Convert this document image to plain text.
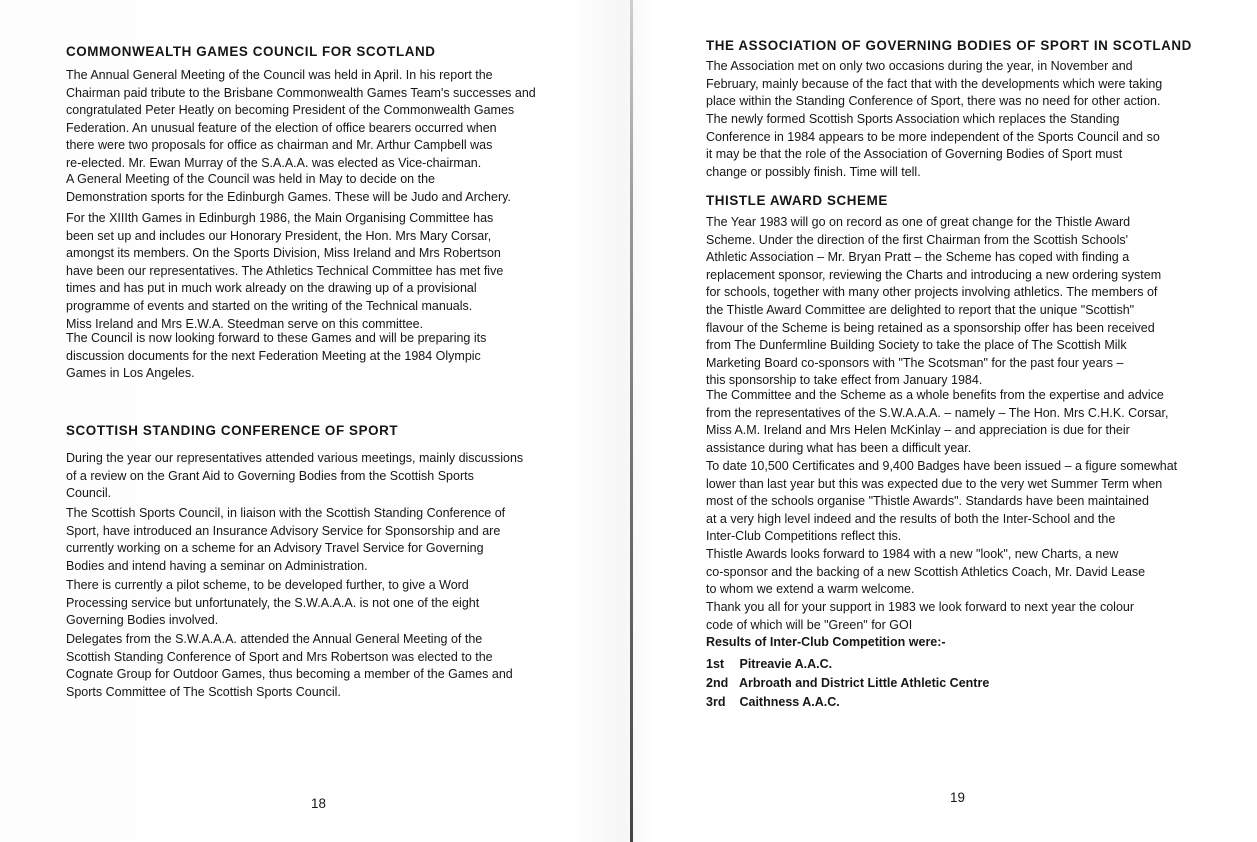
COMMONWEALTH GAMES COUNCIL FOR SCOTLAND

The Annual General Meeting of the Council was held in April. In his report the
Chairman paid tribute to the Brisbane Commonwealth Games Team's successes and
congratulated Peter Heatly on becoming President of the Commonwealth Games
Federation. An unusual feature of the election of office bearers occurred when
there were two proposals for office as chairman and Mr. Arthur Campbell was
re-elected. Mr. Ewan Murray of the S.A.A.A. was elected as Vice-chairman.

A General Meeting of the Council was held in May to decide on the
Demonstration sports for the Edinburgh Games. These will be Judo and Archery.

For the XIIIth Games in Edinburgh 1986, the Main Organising Committee has
been set up and includes our Honorary President, the Hon. Mrs Mary Corsar,
amongst its members. On the Sports Division, Miss Ireland and Mrs Robertson
have been our representatives. The Athletics Technical Committee has met five
times and has put in much work already on the drawing up of a provisional
programme of events and started on the writing of the Technical manuals.
Miss Ireland and Mrs E.W.A. Steedman serve on this committee.

The Council is now looking forward to these Games and will be preparing its
discussion documents for the next Federation Meeting at the 1984 Olympic
Games in Los Angeles.

SCOTTISH STANDING CONFERENCE OF SPORT

During the year our representatives attended various meetings, mainly discussions
of a review on the Grant Aid to Governing Bodies from the Scottish Sports
Council.

The Scottish Sports Council, in liaison with the Scottish Standing Conference of
Sport, have introduced an Insurance Advisory Service for Sponsorship and are
currently working on a scheme for an Advisory Travel Service for Governing
Bodies and intend having a seminar on Administration.

There is currently a pilot scheme, to be developed further, to give a Word
Processing service but unfortunately, the S.W.A.A.A. is not one of the eight
Governing Bodies involved.

Delegates from the S.W.A.A.A. attended the Annual General Meeting of the
Scottish Standing Conference of Sport and Mrs Robertson was elected to the
Cognate Group for Outdoor Games, thus becoming a member of the Games and
Sports Committee of The Scottish Sports Council.

18
THE ASSOCIATION OF GOVERNING BODIES OF SPORT IN SCOTLAND

The Association met on only two occasions during the year, in November and
February, mainly because of the fact that with the developments which were taking
place within the Standing Conference of Sport, there was no need for other action.

The newly formed Scottish Sports Association which replaces the Standing
Conference in 1984 appears to be more independent of the Sports Council and so
it may be that the role of the Association of Governing Bodies of Sport must
change or possibly finish. Time will tell.

THISTLE AWARD SCHEME

The Year 1983 will go on record as one of great change for the Thistle Award
Scheme. Under the direction of the first Chairman from the Scottish Schools'
Athletic Association – Mr. Bryan Pratt – the Scheme has coped with finding a
replacement sponsor, reviewing the Charts and introducing a new ordering system
for schools, together with many other projects involving athletics. The members of
the Thistle Award Committee are delighted to report that the unique "Scottish"
flavour of the Scheme is being retained as a sponsorship offer has been received
from The Dunfermline Building Society to take the place of The Scottish Milk
Marketing Board co-sponsors with "The Scotsman" for the past four years –
this sponsorship to take effect from January 1984.

The Committee and the Scheme as a whole benefits from the expertise and advice
from the representatives of the S.W.A.A.A. – namely – The Hon. Mrs C.H.K. Corsar,
Miss A.M. Ireland and Mrs Helen McKinlay – and appreciation is due for their
assistance during what has been a difficult year.

To date 10,500 Certificates and 9,400 Badges have been issued – a figure somewhat
lower than last year but this was expected due to the very wet Summer Term when
most of the schools organise "Thistle Awards". Standards have been maintained
at a very high level indeed and the results of both the Inter-School and the
Inter-Club Competitions reflect this.

Thistle Awards looks forward to 1984 with a new "look", new Charts, a new
co-sponsor and the backing of a new Scottish Athletics Coach, Mr. David Lease
to whom we extend a warm welcome.

Thank you all for your support in 1983 we look forward to next year the colour
code of which will be "Green" for GOI

Results of Inter-Club Competition were:-

1st Pitreavie A.A.C.
2nd Arbroath and District Little Athletic Centre
3rd Caithness A.A.C.
19
